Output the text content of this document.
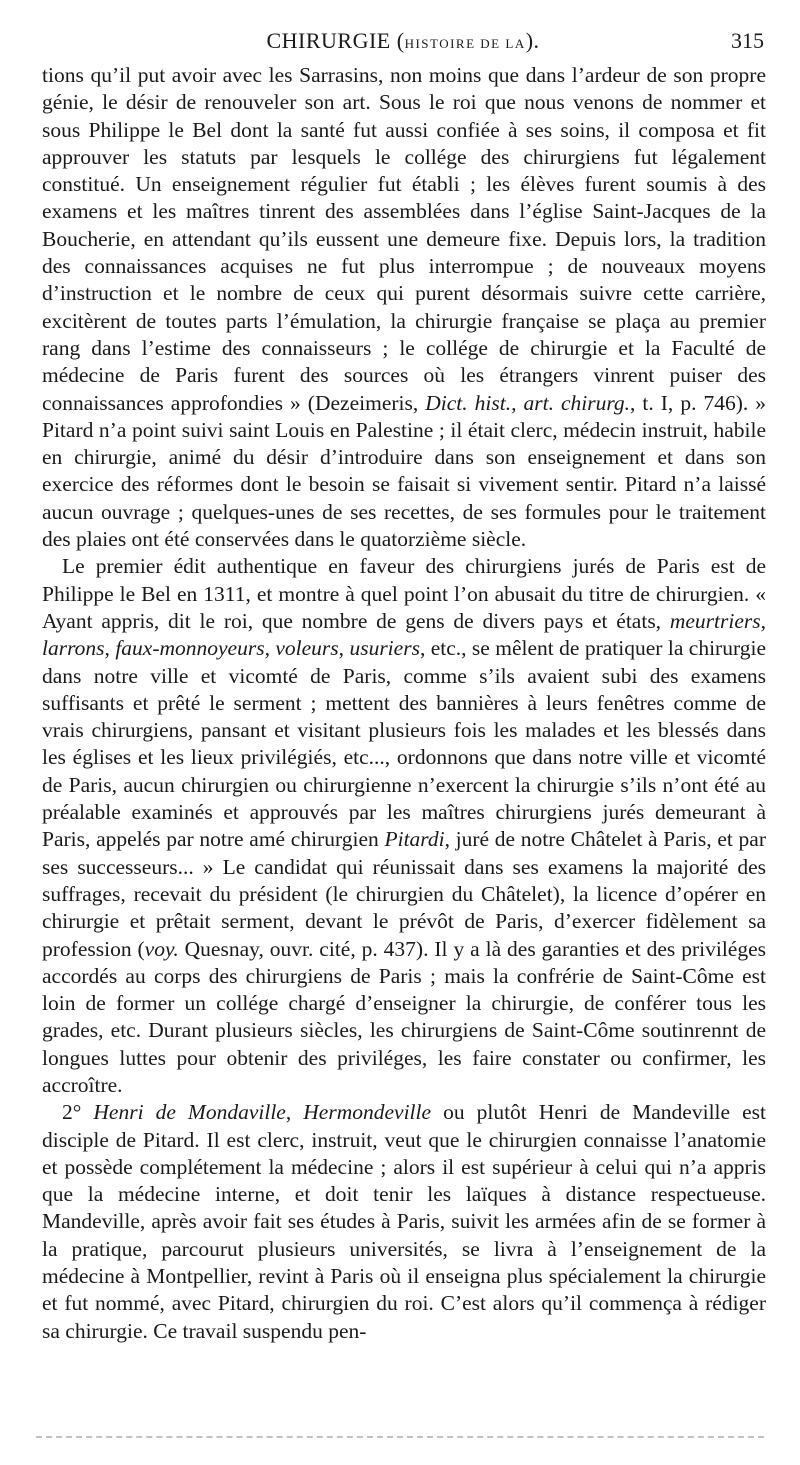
CHIRURGIE (HISTOIRE DE LA).	315

tions qu’il put avoir avec les Sarrasins, non moins que dans l’ardeur de son propre génie, le désir de renouveler son art. Sous le roi que nous venons de nommer et sous Philippe le Bel dont la santé fut aussi confiée à ses soins, il composa et fit approuver les statuts par lesquels le collége des chirurgiens fut légalement constitué. Un enseignement régulier fut établi ; les élèves furent soumis à des examens et les maîtres tinrent des assemblées dans l’église Saint-Jacques de la Boucherie, en attendant qu’ils eussent une demeure fixe. Depuis lors, la tradition des connaissances acquises ne fut plus interrompue ; de nouveaux moyens d’instruction et le nombre de ceux qui purent désormais suivre cette carrière, excitèrent de toutes parts l’émulation, la chirurgie française se plaça au premier rang dans l’estime des connaisseurs ; le collége de chirurgie et la Faculté de médecine de Paris furent des sources où les étrangers vinrent puiser des connaissances approfondies » (Dezeimeris, Dict. hist., art. chirurg., t. I, p. 746). » Pitard n’a point suivi saint Louis en Palestine ; il était clerc, médecin instruit, habile en chirurgie, animé du désir d’introduire dans son enseignement et dans son exercice des réformes dont le besoin se faisait si vivement sentir. Pitard n’a laissé aucun ouvrage ; quelques-unes de ses recettes, de ses formules pour le traitement des plaies ont été conservées dans le quatorzième siècle.

Le premier édit authentique en faveur des chirurgiens jurés de Paris est de Philippe le Bel en 1311, et montre à quel point l’on abusait du titre de chirurgien. « Ayant appris, dit le roi, que nombre de gens de divers pays et états, meurtriers, larrons, faux-monnoyeurs, voleurs, usuriers, etc., se mêlent de pratiquer la chirurgie dans notre ville et vicomté de Paris, comme s’ils avaient subi des examens suffisants et prêté le serment ; mettent des bannières à leurs fenêtres comme de vrais chirurgiens, pansant et visitant plusieurs fois les malades et les blessés dans les églises et les lieux privilégiés, etc..., ordonnons que dans notre ville et vicomté de Paris, aucun chirurgien ou chirurgienne n’exercent la chirurgie s’ils n’ont été au préalable examinés et approuvés par les maîtres chirurgiens jurés demeurant à Paris, appelés par notre amé chirurgien Pitardi, juré de notre Châtelet à Paris, et par ses successeurs... » Le candidat qui réunissait dans ses examens la majorité des suffrages, recevait du président (le chirurgien du Châtelet), la licence d’opérer en chirurgie et prêtait serment, devant le prévôt de Paris, d’exercer fidèlement sa profession (voy. Quesnay, ouvr. cité, p. 437). Il y a là des garanties et des priviléges accordés au corps des chirurgiens de Paris ; mais la confrérie de Saint-Côme est loin de former un collége chargé d’enseigner la chirurgie, de conférer tous les grades, etc. Durant plusieurs siècles, les chirurgiens de Saint-Côme soutinrennt de longues luttes pour obtenir des priviléges, les faire constater ou confirmer, les accroître.

2° Henri de Mondaville, Hermondeville ou plutôt Henri de Mandeville est disciple de Pitard. Il est clerc, instruit, veut que le chirurgien connaisse l’anatomie et possède complétement la médecine ; alors il est supérieur à celui qui n’a appris que la médecine interne, et doit tenir les laïques à distance respectueuse. Mandeville, après avoir fait ses études à Paris, suivit les armées afin de se former à la pratique, parcourut plusieurs universités, se livra à l’enseignement de la médecine à Montpellier, revint à Paris où il enseigna plus spécialement la chirurgie et fut nommé, avec Pitard, chirurgien du roi. C’est alors qu’il commença à rédiger sa chirurgie. Ce travail suspendu pen-
